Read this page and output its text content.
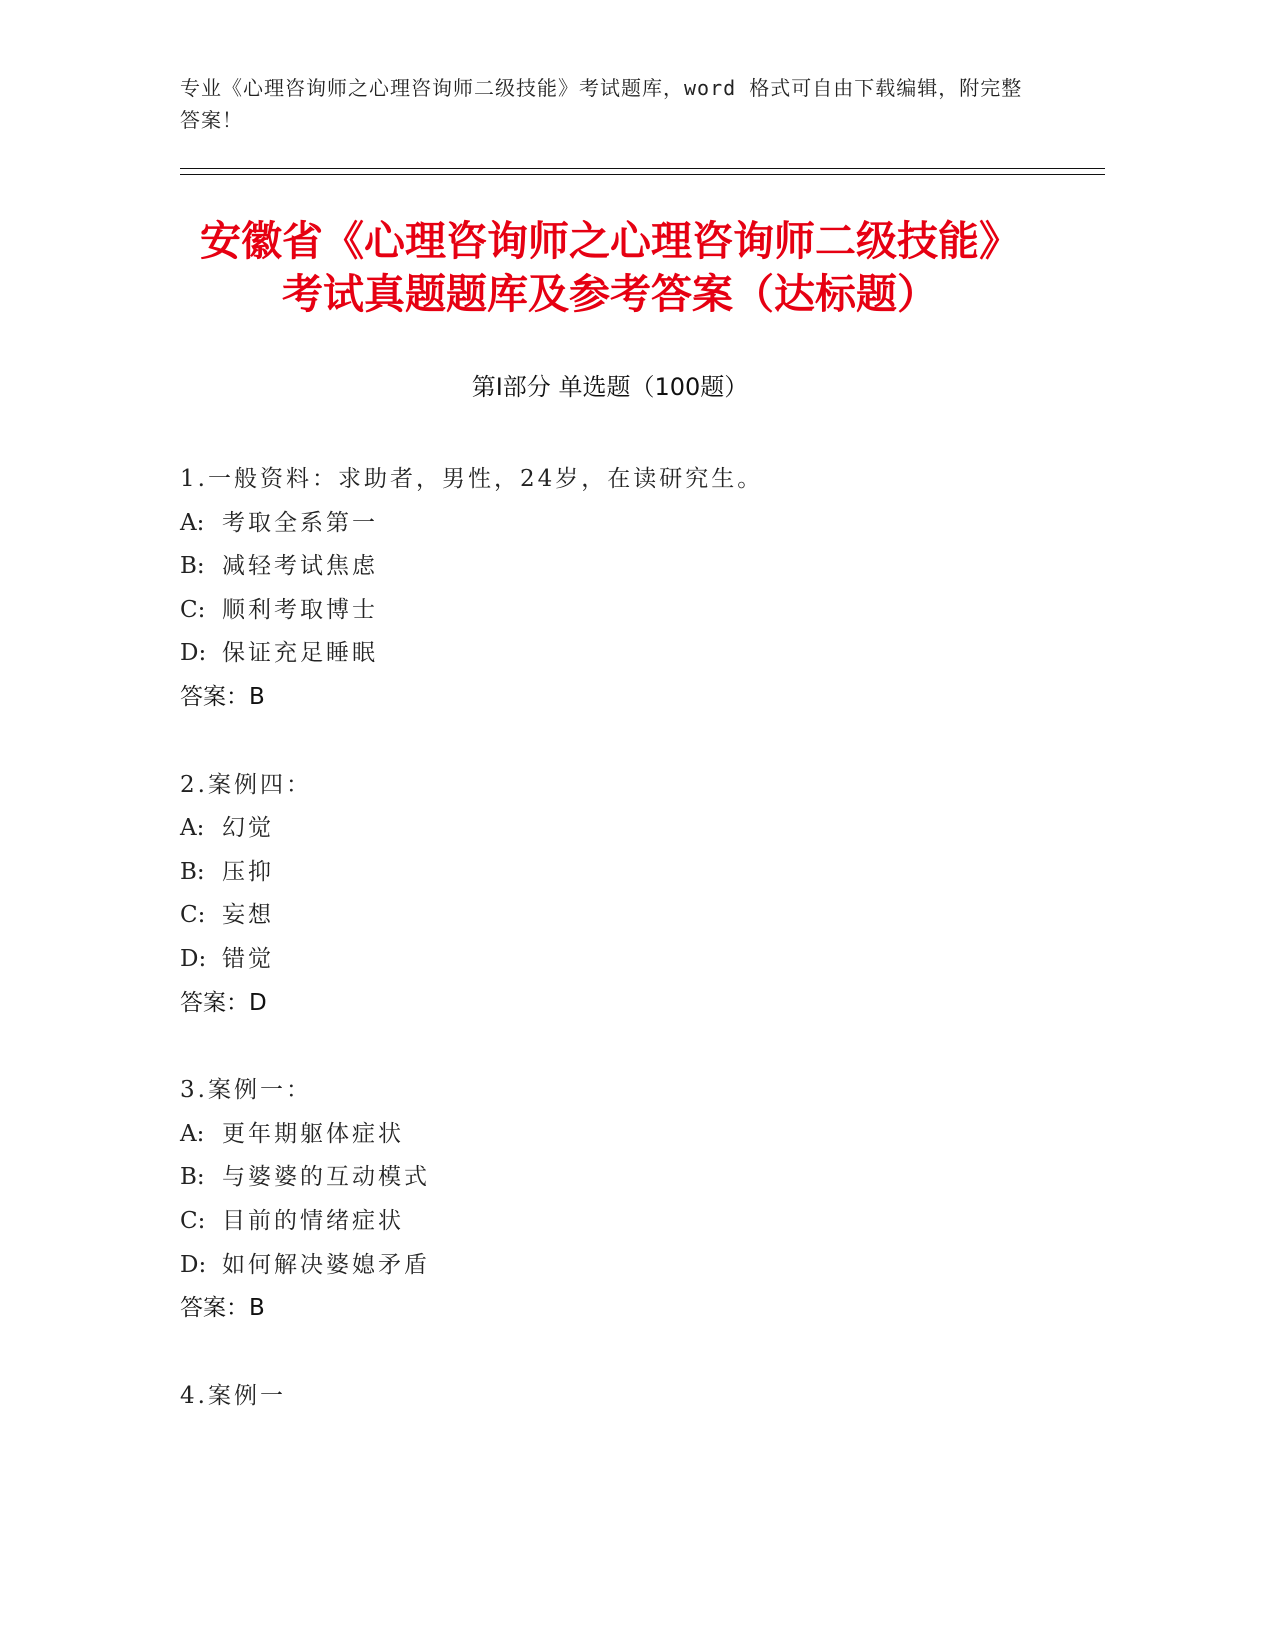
专业《心理咨询师之心理咨询师二级技能》考试题库，word 格式可自由下载编辑，附完整答案！
安徽省《心理咨询师之心理咨询师二级技能》考试真题题库及参考答案（达标题）
第Ⅰ部分 单选题（100题）
1.一般资料：求助者，男性，24岁，在读研究生。
A: 考取全系第一
B: 减轻考试焦虑
C: 顺利考取博士
D: 保证充足睡眠
答案：B
2.案例四：
A: 幻觉
B: 压抑
C: 妄想
D: 错觉
答案：D
3.案例一：
A: 更年期躯体症状
B: 与婆婆的互动模式
C: 目前的情绪症状
D: 如何解决婆媳矛盾
答案：B
4.案例一
